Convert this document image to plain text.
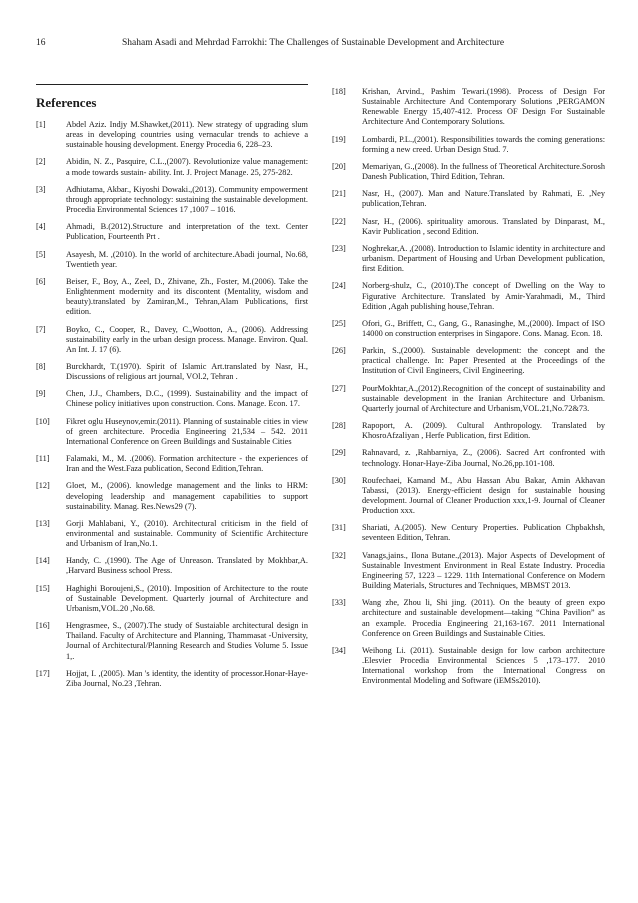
16	Shaham Asadi and Mehrdad Farrokhi: The Challenges of Sustainable Development and Architecture
References
[1]	Abdel Aziz. Indjy M.Shawket,(2011). New strategy of upgrading slum areas in developing countries using vernacular trends to achieve a sustainable housing development. Energy Procedia 6, 228–23.
[2]	Abidin, N. Z., Pasquire, C.L.,(2007). Revolutionize value management: a mode towards sustain- ability. Int. J. Project Manage. 25, 275-282.
[3]	Adhiutama, Akbar., Kiyoshi Dowaki.,(2013). Community empowerment through appropriate technology: sustaining the sustainable development. Procedia Environmental Sciences 17 ,1007 – 1016.
[4]	Ahmadi, B.(2012).Structure and interpretation of the text. Center Publication, Fourteenth Prt .
[5]	Asayesh, M. ,(2010). In the world of architecture.Abadi journal, No.68, Twentieth year.
[6]	Beiser, F., Boy, A., Zeel, D., Zhivane, Zh., Foster, M.(2006). Take the Enlightenment modernity and its discontent (Mentality, wisdom and beauty).translated by Zamiran,M., Tehran,Alam Publications, first edition.
[7]	Boyko, C., Cooper, R., Davey, C.,Wootton, A., (2006). Addressing sustainability early in the urban design process. Manage. Environ. Qual. An Int. J. 17 (6).
[8]	Burckhardt, T.(1970). Spirit of Islamic Art.translated by Nasr, H., Discussions of religious art journal, VOl.2, Tehran .
[9]	Chen, J.J., Chambers, D.C., (1999). Sustainability and the impact of Chinese policy initiatives upon construction. Cons. Manage. Econ. 17.
[10]	Fikret oglu Huseynov,emir.(2011). Planning of sustainable cities in view of green architecture. Procedia Engineering 21,534 – 542. 2011 International Conference on Green Buildings and Sustainable Cities
[11]	Falamaki, M., M. .(2006). Formation architecture - the experiences of Iran and the West.Faza publication, Second Edition,Tehran.
[12]	Gloet, M., (2006). knowledge management and the links to HRM: developing leadership and management capabilities to support sustainability. Manag. Res.News29 (7).
[13]	Gorji Mahlabani, Y., (2010). Architectural criticism in the field of environmental and sustainable. Community of Scientific Architecture and Urbanism of Iran,No.1.
[14]	Handy, C. ,(1990). The Age of Unreason. Translated by Mokhbar,A. ,Harvard Business school Press.
[15]	Haghighi Boroujeni,S., (2010). Imposition of Architecture to the route of Sustainable Development. Quarterly journal of Architecture and Urbanism,VOL.20 ,No.68.
[16]	Hengrasmee, S., (2007).The study of Sustaiable architectural design in Thailand. Faculty of Architecture and Planning, Thammasat -University, Journal of Architectural/Planning Research and Studies Volume 5. Issue 1,.
[17]	Hojjat, I. ,(2005). Man 's identity, the identity of processor.Honar-Haye-Ziba Journal, No.23 ,Tehran.
[18]	Krishan, Arvind., Pashim Tewari.(1998). Process of Design For Sustainable Architecture And Contemporary Solutions ,PERGAMON Renewable Energy 15,407-412. Process OF Design For Sustainable Architecture And Contemporary Solutions.
[19]	Lombardi, P.L.,(2001). Responsibilities towards the coming generations: forming a new creed. Urban Design Stud. 7.
[20]	Memariyan, G.,(2008). In the fullness of Theoretical Architecture.Sorosh Danesh Publication, Third Edition, Tehran.
[21]	Nasr, H., (2007). Man and Nature.Translated by Rahmati, E. ,Ney publication,Tehran.
[22]	Nasr, H., (2006). spirituality amorous. Translated by Dinparast, M., Kavir Publication , second Edition.
[23]	Noghrekar,A. ,(2008). Introduction to Islamic identity in architecture and urbanism. Department of Housing and Urban Development publication, first Edition.
[24]	Norberg-shulz, C., (2010).The concept of Dwelling on the Way to Figurative Architecture. Translated by Amir-Yarahmadi, M., Third Edition ,Agah publishing house,Tehran.
[25]	Ofori, G., Briffett, C., Gang, G., Ranasinghe, M.,(2000). Impact of ISO 14000 on construction enterprises in Singapore. Cons. Manag. Econ. 18.
[26]	Parkin, S.,(2000). Sustainable development: the concept and the practical challenge. In: Paper Presented at the Proceedings of the Institution of Civil Engineers, Civil Engineering.
[27]	PourMokhtar,A.,(2012).Recognition of the concept of sustainability and sustainable development in the Iranian Architecture and Urbanism. Quarterly journal of Architecture and Urbanism,VOL.21,No.72&73.
[28]	Rapoport, A. (2009). Cultural Anthropology. Translated by KhosroAfzaliyan , Herfe Publication, first Edition.
[29]	Rahnavard, z. ,Rahbarniya, Z., (2006). Sacred Art confronted with technology. Honar-Haye-Ziba Journal, No.26,pp.101-108.
[30]	Roufechaei, Kamand M., Abu Hassan Abu Bakar, Amin Akhavan Tabassi, (2013). Energy-efficient design for sustainable housing development. Journal of Cleaner Production xxx,1-9. Journal of Cleaner Production xxx.
[31]	Shariati, A.(2005). New Century Properties. Publication Chpbakhsh, seventeen Edition, Tehran.
[32]	Vanags,jains., Ilona Butane.,(2013). Major Aspects of Development of Sustainable Investment Environment in Real Estate Industry. Procedia Engineering 57, 1223 – 1229. 11th International Conference on Modern Building Materials, Structures and Techniques, MBMST 2013.
[33]	Wang zhe, Zhou li, Shi jing. (2011). On the beauty of green expo architecture and sustainable development—taking “China Pavilion” as an example. Procedia Engineering 21,163-167. 2011 International Conference on Green Buildings and Sustainable Cities.
[34]	Weihong Li. (2011). Sustainable design for low carbon architecture .Elesvier Procedia Environmental Sciences 5 ,173–177. 2010 International workshop from the International Congress on Environmental Modeling and Software (iEMSs2010).
